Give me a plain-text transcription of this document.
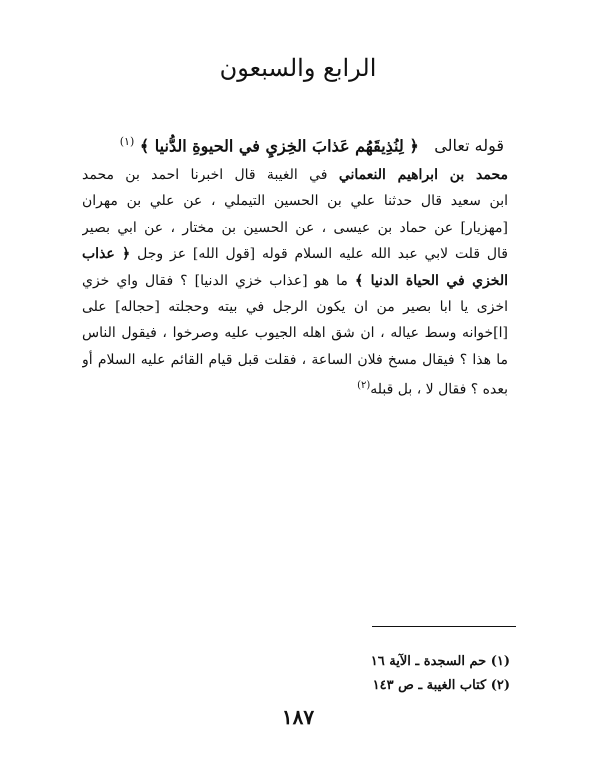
الرابع والسبعون
قوله تعالى ﴿ لِنُذِيقَهُم عَذابَ الخِزيِ في الحيوةِ الدُّنيا ﴾ $^{(١)}$
محمد بن ابراهيم النعماني في الغيبة قال اخبرنا احمد بن محمد
ابن سعيد قال حدثنا علي بن الحسين التيملي ، عن علي بن مهران
[مهزيار] عن حماد بن عيسى ، عن الحسين بن مختار ، عن ابي بصير
قال قلت لابي عبد الله عليه السلام قوله [قول الله] عز وجل ﴿ عذاب
الخزي في الحياة الدنيا ﴾ ما هو [عذاب خزي الدنيا] ؟ فقال واي خزي
اخزى يا ابا بصير من ان يكون الرجل في بيته وحجلته [حجاله] على
[ا]خوانه وسط عياله ، ان شق اهله الجيوب عليه وصرخوا ، فيقول الناس
ما هذا ؟ فيقال مسخ فلان الساعة ، فقلت قبل قيام القائم عليه السلام أو
بعده ؟ فقال لا ، بل قبله$^{(٢)}$
(١) حم السجدة ـ الآية ١٦
(٢) كتاب الغيبة ـ ص ١٤٣
١٨٧
